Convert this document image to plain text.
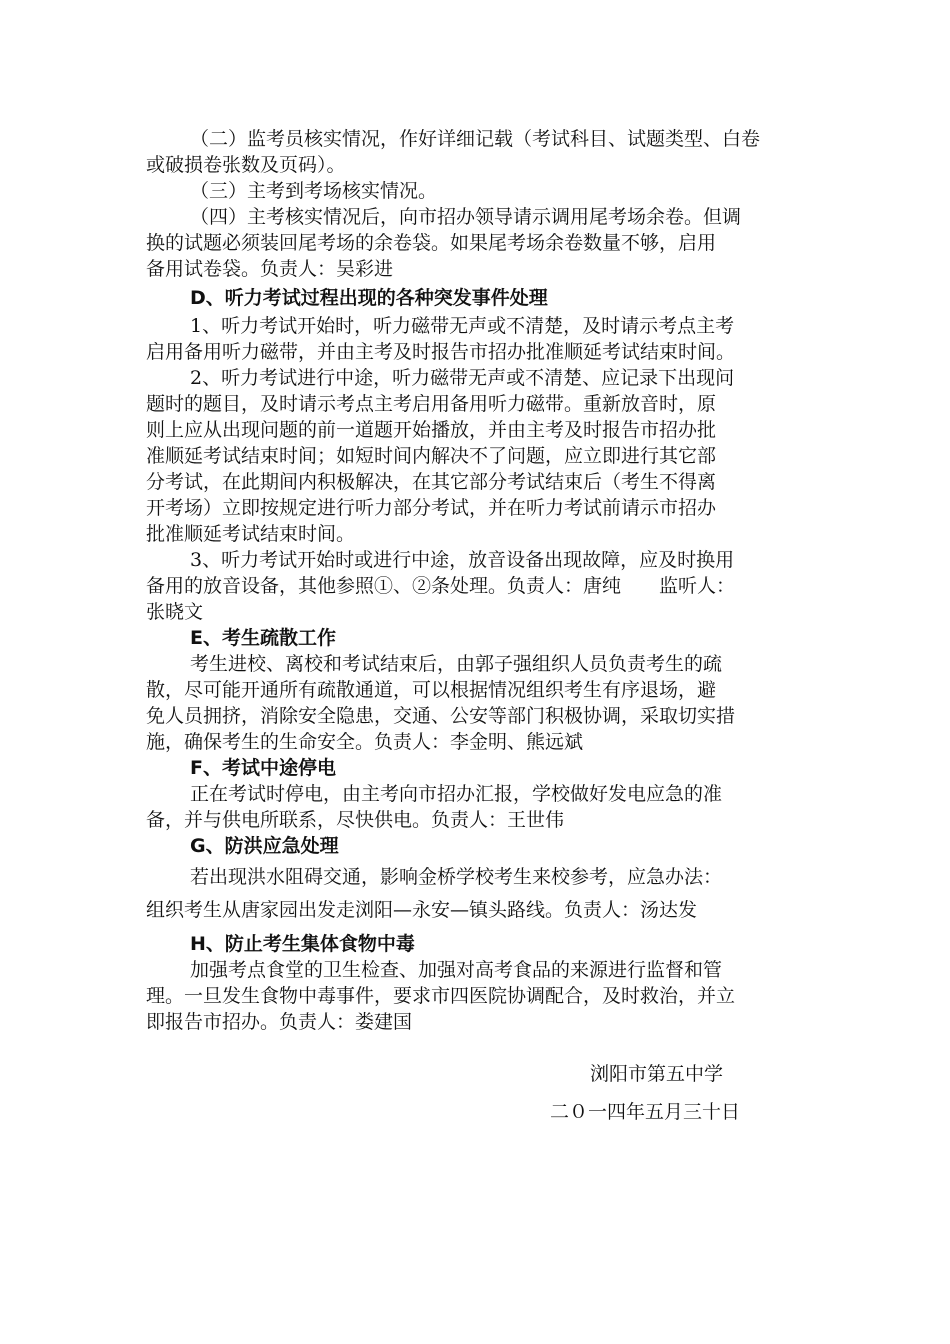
（二）监考员核实情况，作好详细记载（考试科目、试题类型、白卷
或破损卷张数及页码）。
（三）主考到考场核实情况。
（四）主考核实情况后，向市招办领导请示调用尾考场余卷。但调
换的试题必须装回尾考场的余卷袋。如果尾考场余卷数量不够，启用
备用试卷袋。负责人：吴彩进
D、听力考试过程出现的各种突发事件处理
1、听力考试开始时，听力磁带无声或不清楚，及时请示考点主考
启用备用听力磁带，并由主考及时报告市招办批准顺延考试结束时间。
2、听力考试进行中途，听力磁带无声或不清楚、应记录下出现问
题时的题目，及时请示考点主考启用备用听力磁带。重新放音时，原
则上应从出现问题的前一道题开始播放，并由主考及时报告市招办批
准顺延考试结束时间；如短时间内解决不了问题，应立即进行其它部
分考试，在此期间内积极解决，在其它部分考试结束后（考生不得离
开考场）立即按规定进行听力部分考试，并在听力考试前请示市招办
批准顺延考试结束时间。
3、听力考试开始时或进行中途，放音设备出现故障，应及时换用
备用的放音设备，其他参照①、②条处理。负责人：唐纯　　监听人：
张晓文
E、考生疏散工作
考生进校、离校和考试结束后，由郭子强组织人员负责考生的疏
散，尽可能开通所有疏散通道，可以根据情况组织考生有序退场，避
免人员拥挤，消除安全隐患，交通、公安等部门积极协调，采取切实措
施，确保考生的生命安全。负责人：李金明、熊远斌
F、考试中途停电
正在考试时停电，由主考向市招办汇报，学校做好发电应急的准
备，并与供电所联系，尽快供电。负责人：王世伟
G、防洪应急处理
若出现洪水阻碍交通，影响金桥学校考生来校参考，应急办法：
组织考生从唐家园出发走浏阳—永安—镇头路线。负责人：汤达发
H、防止考生集体食物中毒
加强考点食堂的卫生检查、加强对高考食品的来源进行监督和管
理。一旦发生食物中毒事件，要求市四医院协调配合，及时救治，并立
即报告市招办。负责人：娄建国
浏阳市第五中学
二０一四年五月三十日
